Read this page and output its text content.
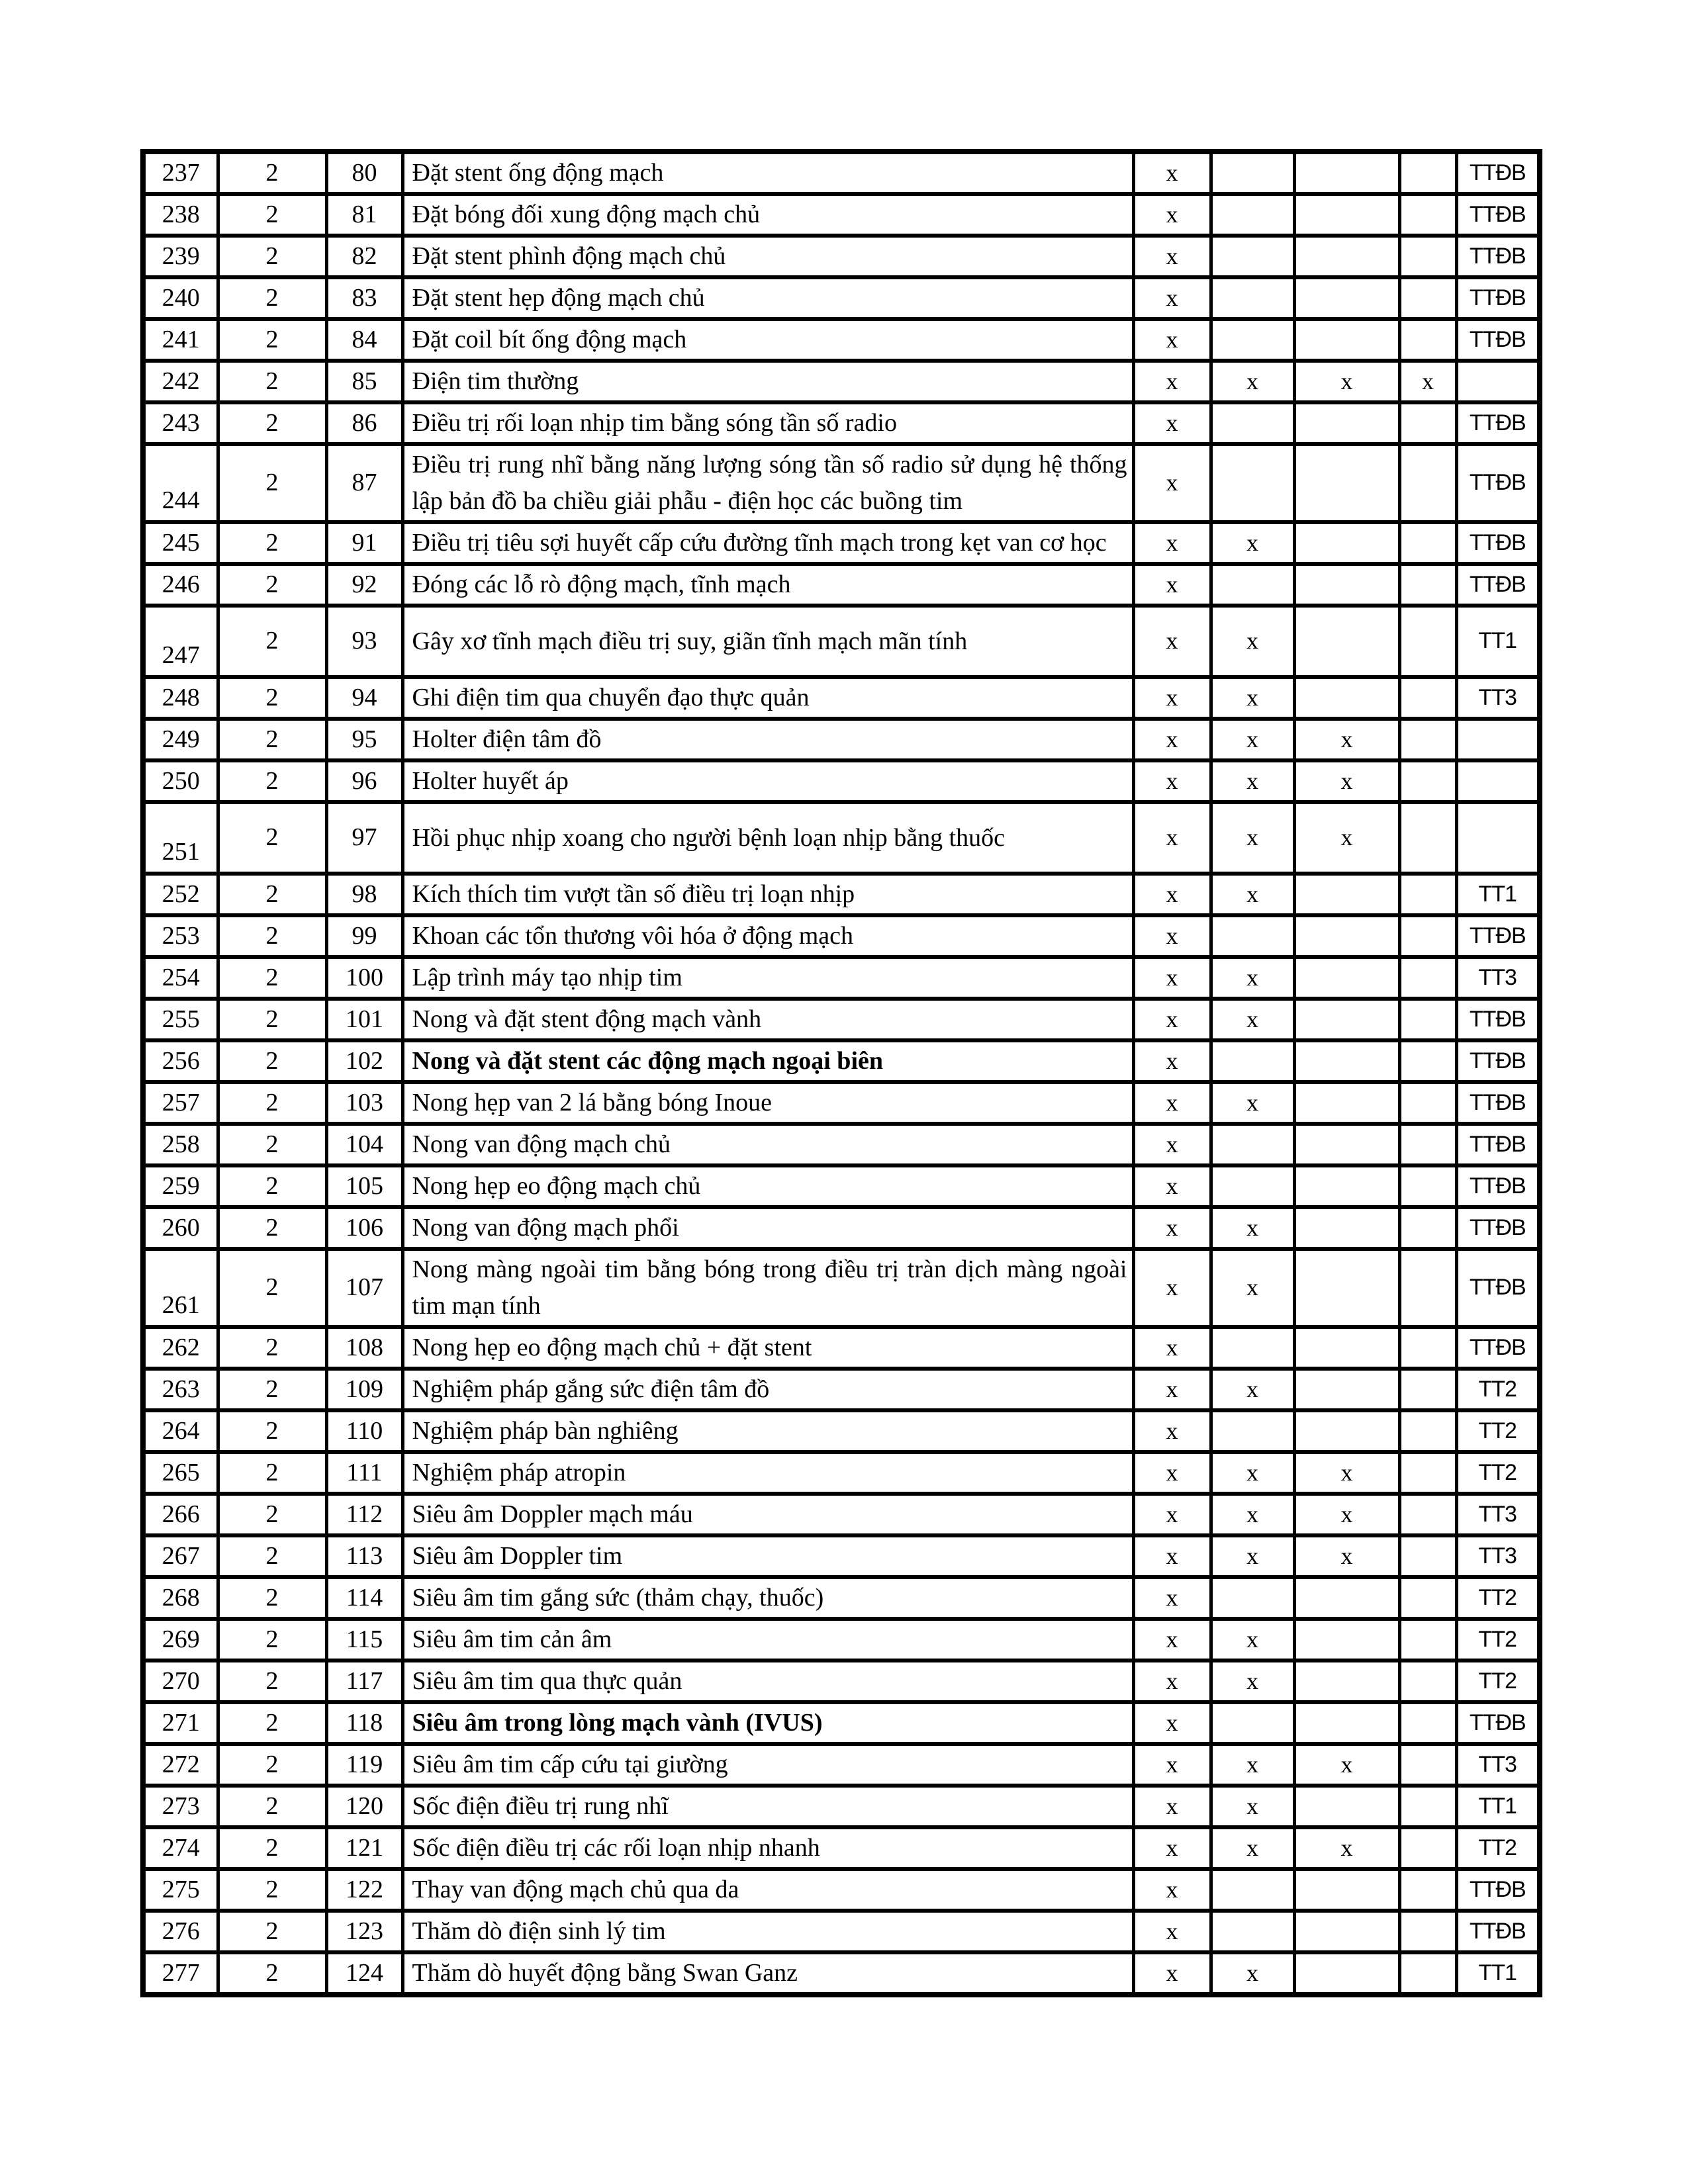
237	2	80	Đặt stent ống động mạch	x				TTĐB
238	2	81	Đặt bóng đối xung động mạch chủ	x				TTĐB
239	2	82	Đặt stent phình động mạch chủ	x				TTĐB
240	2	83	Đặt stent hẹp động mạch chủ	x				TTĐB
241	2	84	Đặt coil bít ống động mạch	x				TTĐB
242	2	85	Điện tim thường	x	x	x	x	
243	2	86	Điều trị rối loạn nhịp tim bằng sóng tần số radio	x				TTĐB
244	2	87	Điều trị rung nhĩ bằng năng lượng sóng tần số radio sử dụng hệ thống lập bản đồ ba chiều giải phẫu - điện học các buồng tim	x				TTĐB
245	2	91	Điều trị tiêu sợi huyết cấp cứu đường tĩnh mạch trong kẹt van cơ học	x	x			TTĐB
246	2	92	Đóng các lỗ rò động mạch, tĩnh mạch	x				TTĐB
247	2	93	Gây xơ tĩnh mạch điều trị suy, giãn tĩnh mạch mãn tính	x	x			TT1
248	2	94	Ghi điện tim qua chuyển đạo thực quản	x	x			TT3
249	2	95	Holter điện tâm đồ	x	x	x		
250	2	96	Holter huyết áp	x	x	x		
251	2	97	Hồi phục nhịp xoang cho người bệnh loạn nhịp bằng thuốc	x	x	x		
252	2	98	Kích thích tim vượt tần số điều trị loạn nhịp	x	x			TT1
253	2	99	Khoan các tổn thương vôi hóa ở động mạch	x				TTĐB
254	2	100	Lập trình máy tạo nhịp tim	x	x			TT3
255	2	101	Nong và đặt stent động mạch vành	x	x			TTĐB
256	2	102	Nong và đặt stent các động mạch ngoại biên	x				TTĐB
257	2	103	Nong hẹp van 2 lá bằng bóng Inoue	x	x			TTĐB
258	2	104	Nong van động mạch chủ	x				TTĐB
259	2	105	Nong hẹp eo động mạch chủ	x				TTĐB
260	2	106	Nong van động mạch phổi	x	x			TTĐB
261	2	107	Nong màng ngoài tim bằng bóng trong điều trị tràn dịch màng ngoài tim mạn tính	x	x			TTĐB
262	2	108	Nong hẹp eo động mạch chủ + đặt stent	x				TTĐB
263	2	109	Nghiệm pháp gắng sức điện tâm đồ	x	x			TT2
264	2	110	Nghiệm pháp bàn nghiêng	x				TT2
265	2	111	Nghiệm pháp atropin	x	x	x		TT2
266	2	112	Siêu âm Doppler mạch máu	x	x	x		TT3
267	2	113	Siêu âm Doppler tim	x	x	x		TT3
268	2	114	Siêu âm tim gắng sức (thảm chạy, thuốc)	x				TT2
269	2	115	Siêu âm tim cản âm	x	x			TT2
270	2	117	Siêu âm tim qua thực quản	x	x			TT2
271	2	118	Siêu âm trong lòng mạch vành (IVUS)	x				TTĐB
272	2	119	Siêu âm tim cấp cứu tại giường	x	x	x		TT3
273	2	120	Sốc điện điều trị rung nhĩ	x	x			TT1
274	2	121	Sốc điện điều trị các rối loạn nhịp nhanh	x	x	x		TT2
275	2	122	Thay van động mạch chủ qua da	x				TTĐB
276	2	123	Thăm dò điện sinh lý tim	x				TTĐB
277	2	124	Thăm dò huyết động bằng Swan Ganz	x	x			TT1
